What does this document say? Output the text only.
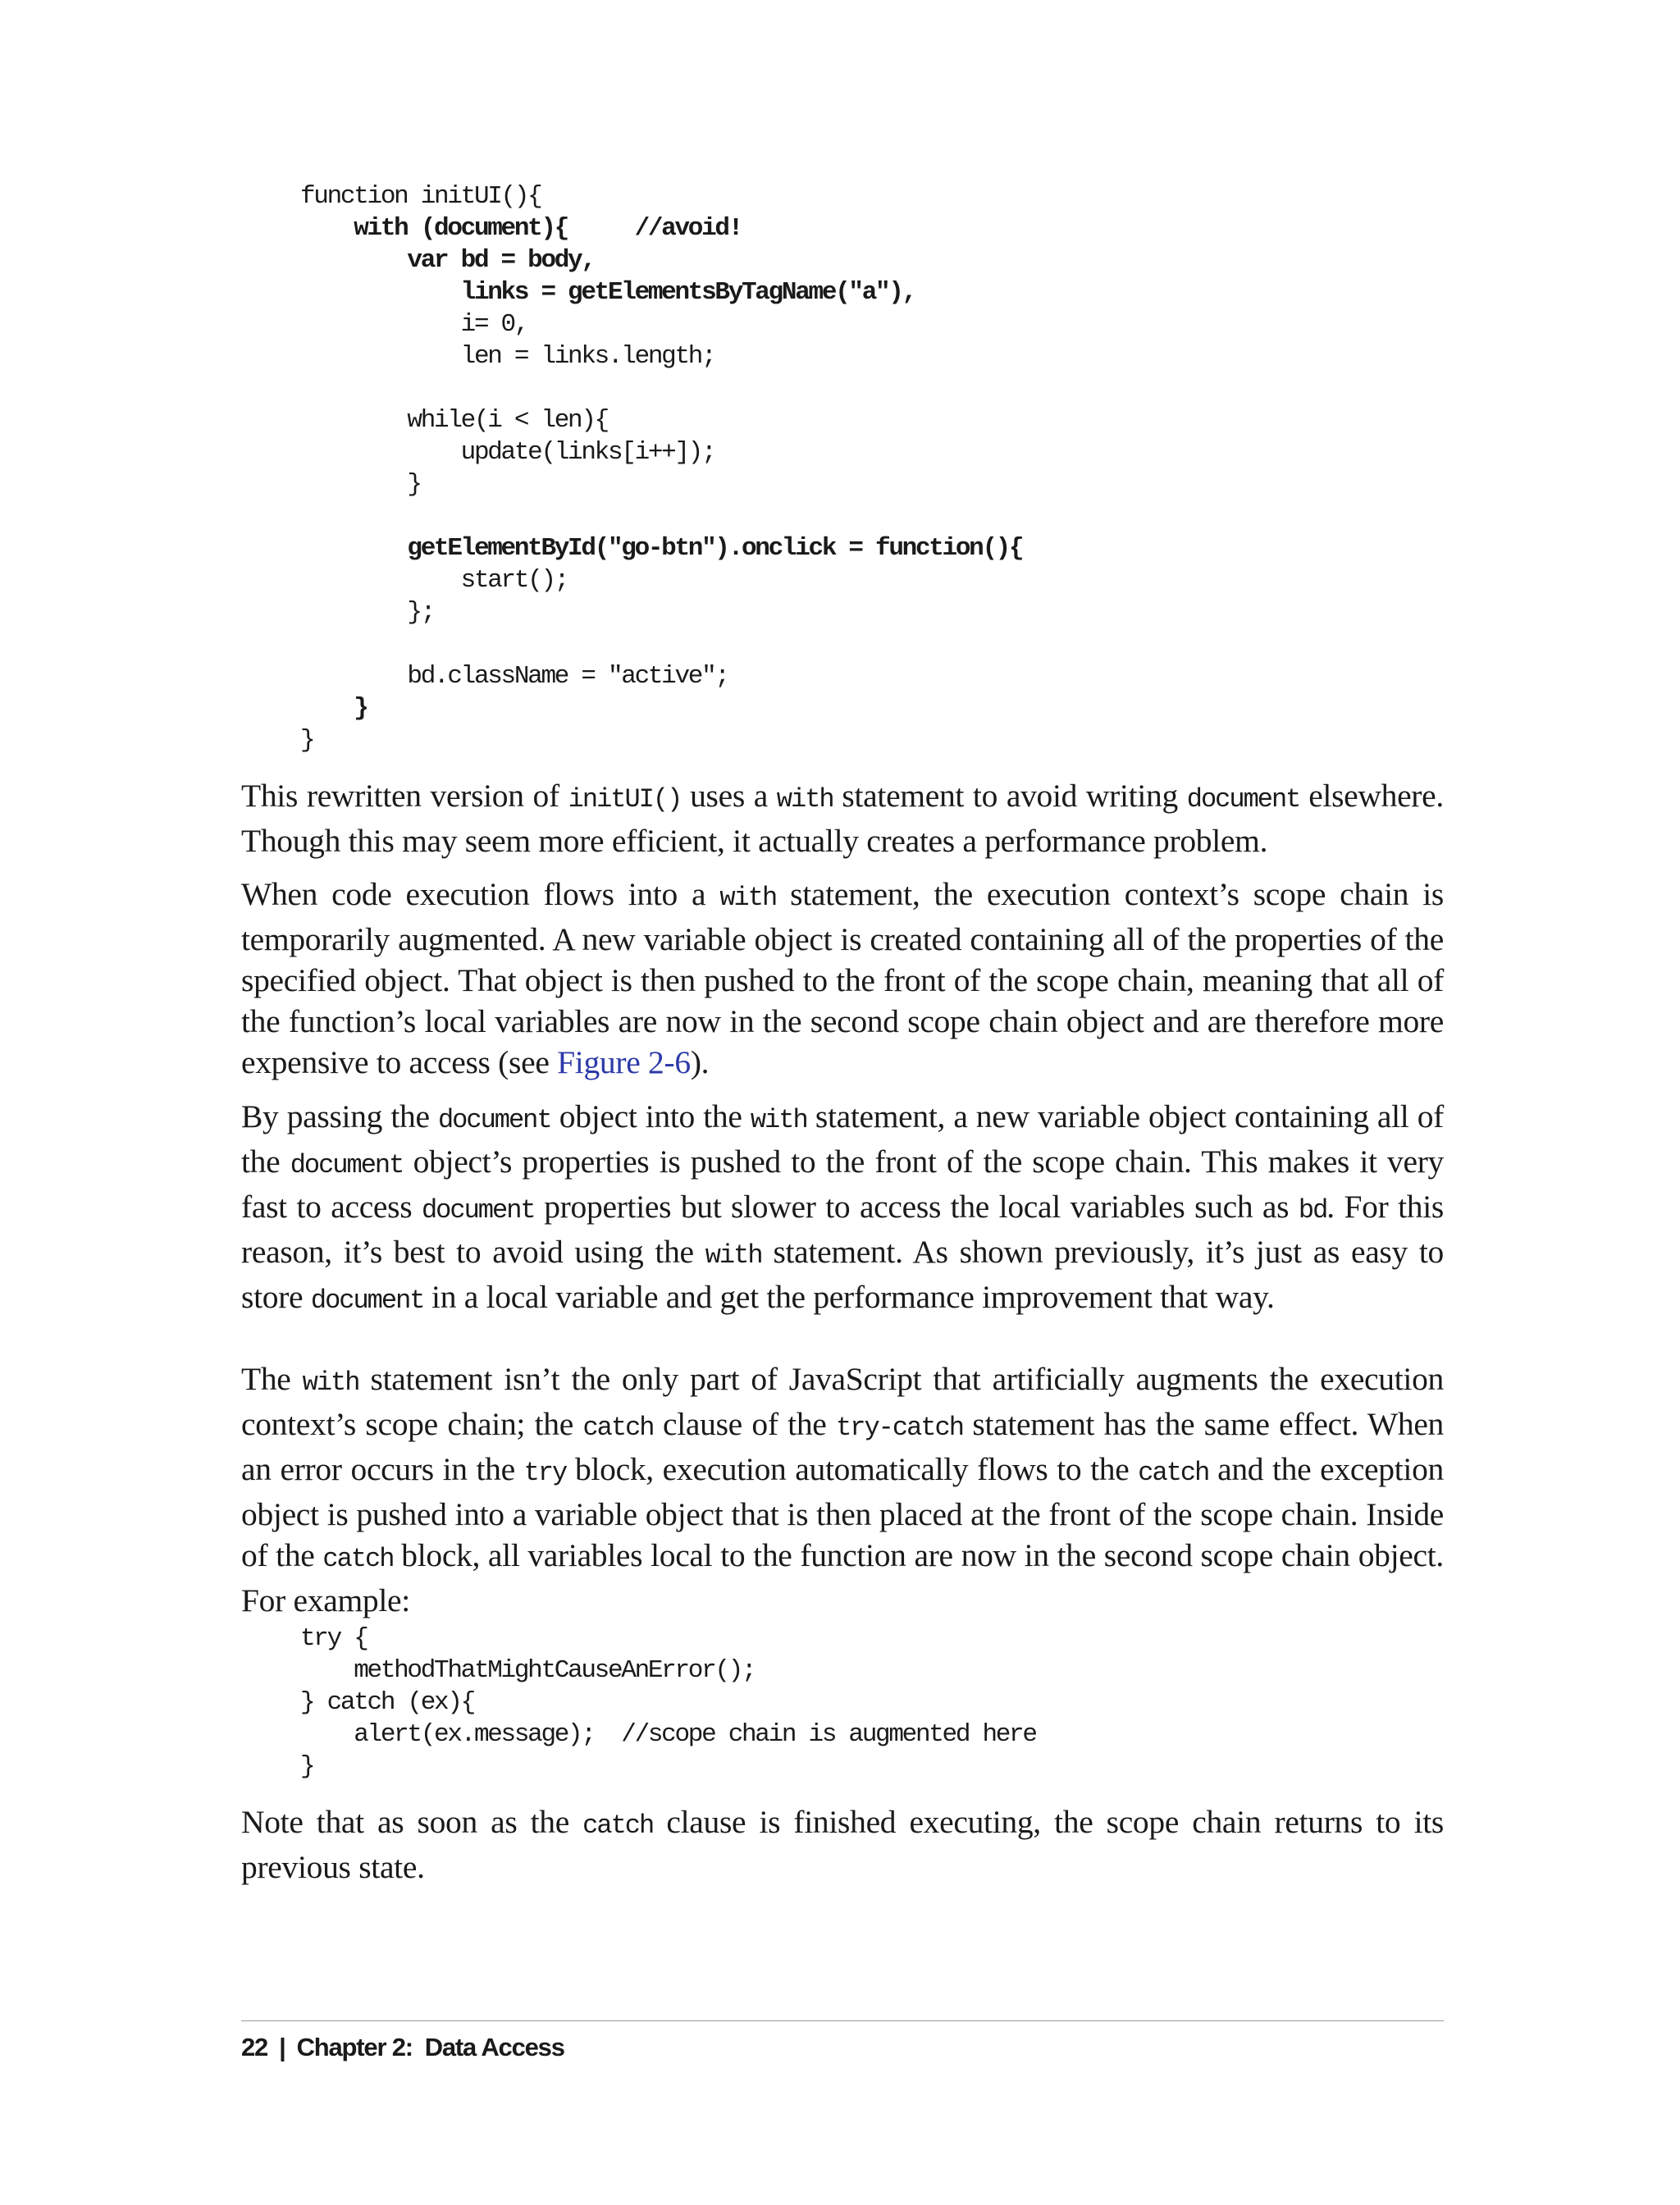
function initUI(){
with (document){     //avoid!
var bd = body,
links = getElementsByTagName("a"),
i= 0,
len = links.length;
while(i < len){
update(links[i++]);
}
getElementById("go-btn").onclick = function(){
start();
};
bd.className = "active";
}
}

This rewritten version of initUI() uses a with statement to avoid writing document elsewhere. Though this may seem more efficient, it actually creates a performance problem.

When code execution flows into a with statement, the execution context’s scope chain is temporarily augmented. A new variable object is created containing all of the properties of the specified object. That object is then pushed to the front of the scope chain, meaning that all of the function’s local variables are now in the second scope chain object and are therefore more expensive to access (see Figure 2-6).

By passing the document object into the with statement, a new variable object containing all of the document object’s properties is pushed to the front of the scope chain. This makes it very fast to access document properties but slower to access the local variables such as bd. For this reason, it’s best to avoid using the with statement. As shown previously, it’s just as easy to store document in a local variable and get the performance improvement that way.

The with statement isn’t the only part of JavaScript that artificially augments the execution context’s scope chain; the catch clause of the try-catch statement has the same effect. When an error occurs in the try block, execution automatically flows to the catch and the exception object is pushed into a variable object that is then placed at the front of the scope chain. Inside of the catch block, all variables local to the function are now in the second scope chain object. For example:

try {
methodThatMightCauseAnError();
} catch (ex){
alert(ex.message);  //scope chain is augmented here
}

Note that as soon as the catch clause is finished executing, the scope chain returns to its previous state.

22 | Chapter 2:  Data Access
